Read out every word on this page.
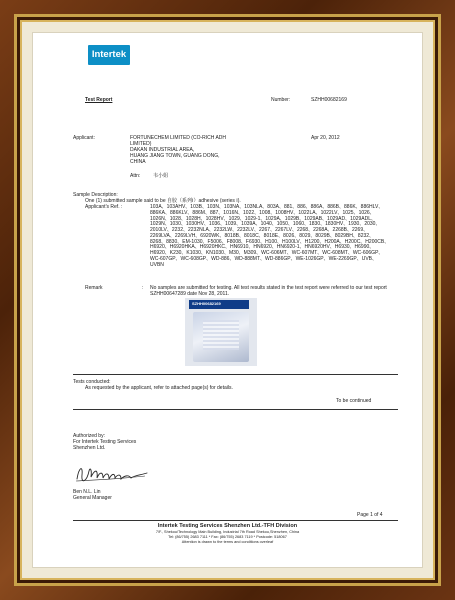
Intertek
Test Report	Number:	SZHH00682169
Applicant:	FORTUNECHEM LIMITED (CO-RICH ADH
LIMITED)
DAKAN INDUSTRIAL AREA,
HUANG JIANG TOWN, GUANG DONG,
CHINA
Apr 20, 2012
Attn:	韦小姐
Sample Description:
One (1) submitted sample said to be 自胶（系列Ⅰ）adhesive (series Ⅰ).
Applicant's Ref. :	103A、103AHV、103B、103N、103NA、103NLA、803A、881、886、886A、886B、886K、886HLV、886KA、886KLV、886M、887、1016N、1022、1008、1008HV、1022LA、1022LV、1025、1026、1026N、1028、1028H、1028HV、1029、1029-1、1029A、1029B、1029AB、1029AD、1029ADL、1029N、1030、1030HV、1036、1039、1039A、1040、1050、1060、1830、1830HV、1930、2030、2010LV、2232、2232NLA、2232LW、2232LV、2267、2267LV、2268、2268A、2268B、2269、2269LVA、2269LVH、6920WK、8018B、8018C、8018E、8026、8029、8029B、8029BH、8232、8268、8830、EM-1030、F5006、F8008、F6930、H100、H100LV、H1200、H200A、H200C、H200CB、H6920、H6920HKA、H6920HKC、HN6910、HN6920、HN6920-1、HN6920HV、H6930、H6990、H6920、K230、K1030、KN1030、M30、M309、WC-606MT、WC-607MT、WC-608MT、WC-606GP、WC-607GP、WC-608GP、WD-886、WD-888MT、WD-886GP、WE-1026GP、WE-2269GP、UVB、UVBN
Remark	: No samples are submitted for testing. All test results stated in the test report were referred to our test report SZHH00647289 date Nov 28, 2011.
SZHH00682169
Tests conducted:
As requested by the applicant, refer to attached page(s) for details.
To be continued
Authorized by:
For Intertek Testing Services
Shenzhen Ltd.
Ben N.L. Lin
General Manager
Page 1 of 4
Intertek Testing Services Shenzhen Ltd.-TFH Division
7/F., Shekou/Technology Main Building, Industrial 7th Road Shekou,Shenzhen, China
Tel: (86/755) 2683 7111 * Fax: (86/755) 2683 7119 * Postcode: 518067
Attention is drawn to the terms and conditions overleaf
